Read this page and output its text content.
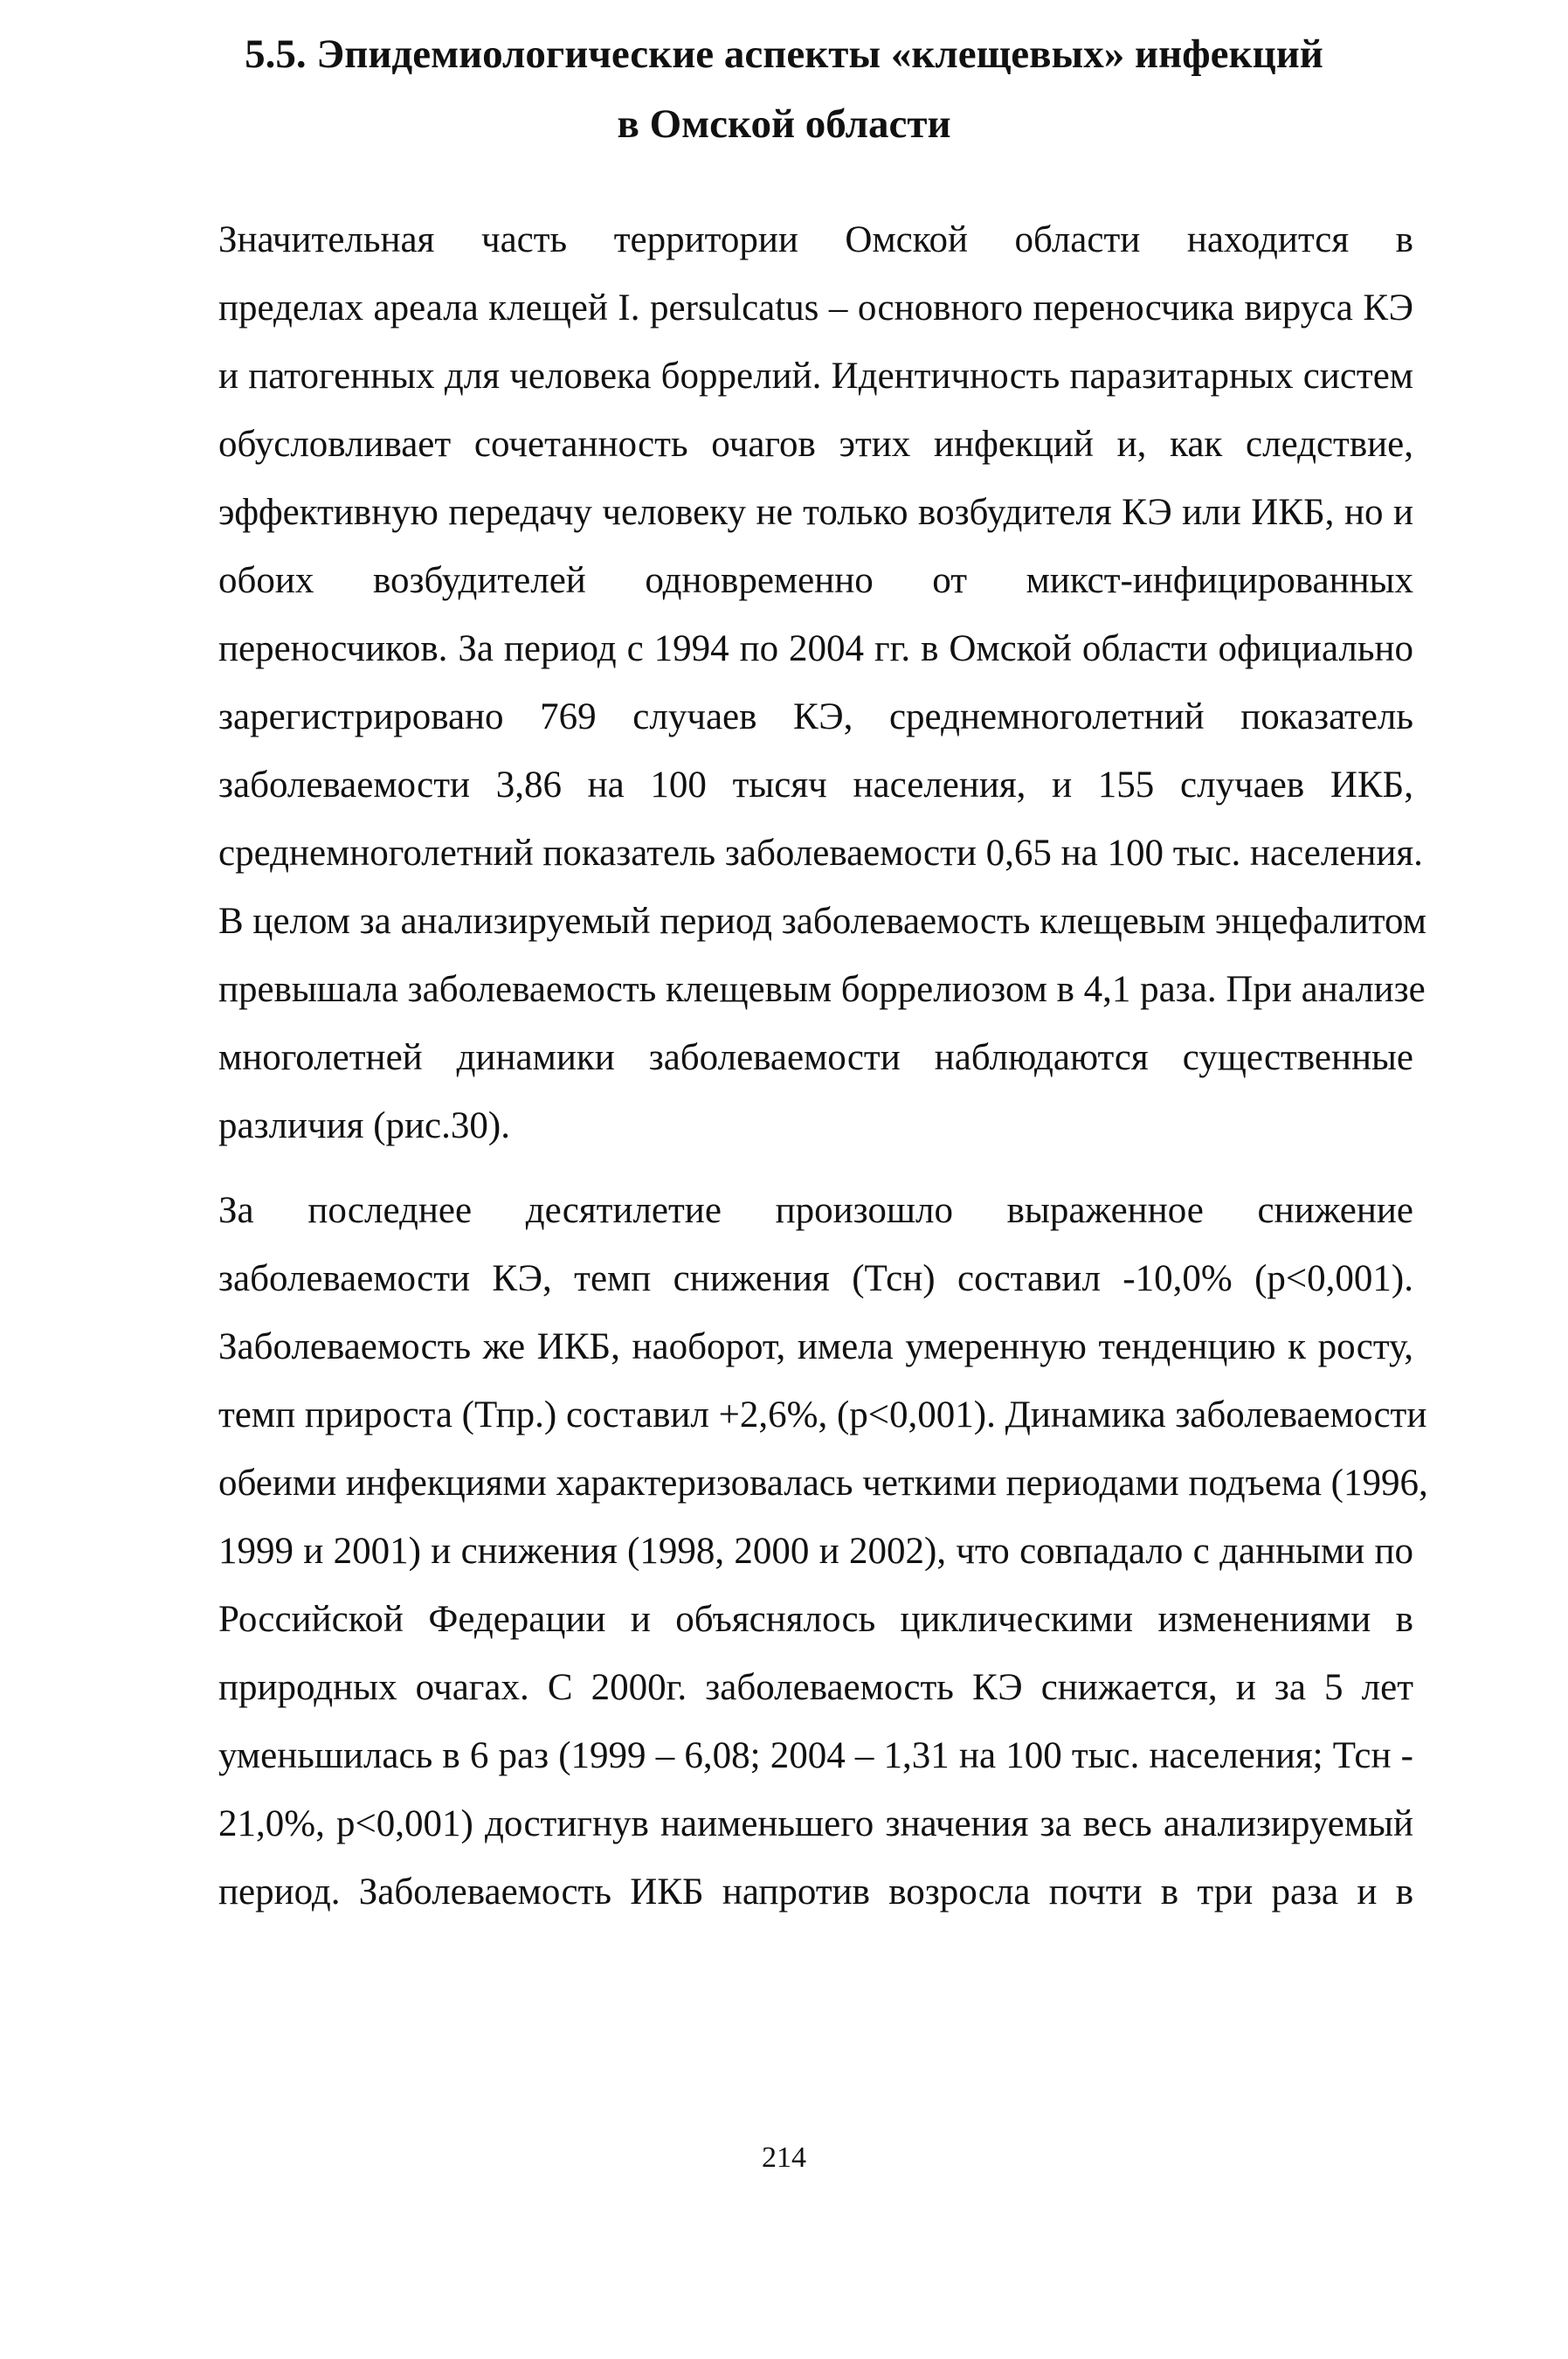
5.5. Эпидемиологические аспекты «клещевых» инфекций
в Омской области
Значительная часть территории Омской области находится в
пределах ареала клещей I. persulcatus – основного переносчика вируса КЭ
и патогенных для человека боррелий. Идентичность паразитарных систем
обусловливает сочетанность очагов этих инфекций и, как следствие,
эффективную передачу человеку не только возбудителя КЭ или ИКБ, но и
обоих возбудителей одновременно от микст-инфицированных
переносчиков. За период с 1994 по 2004 гг. в Омской области официально
зарегистрировано 769 случаев КЭ, среднемноголетний показатель
заболеваемости 3,86 на 100 тысяч населения, и 155 случаев ИКБ,
среднемноголетний показатель заболеваемости 0,65 на 100 тыс. населения.
В целом за анализируемый период заболеваемость клещевым энцефалитом
превышала заболеваемость клещевым боррелиозом в 4,1 раза. При анализе
многолетней динамики заболеваемости наблюдаются существенные
различия (рис.30).
За последнее десятилетие произошло выраженное снижение
заболеваемости КЭ, темп снижения (Тсн) составил -10,0% (р<0,001).
Заболеваемость же ИКБ, наоборот, имела умеренную тенденцию к росту,
темп прироста (Тпр.) составил +2,6%, (р<0,001). Динамика заболеваемости
обеими инфекциями характеризовалась четкими периодами подъема (1996,
1999 и 2001) и снижения (1998, 2000 и 2002), что совпадало с данными по
Российской Федерации и объяснялось циклическими изменениями в
природных очагах. С 2000г. заболеваемость КЭ снижается, и за 5 лет
уменьшилась в 6 раз (1999 – 6,08; 2004 – 1,31 на 100 тыс. населения; Тсн -
21,0%, р<0,001) достигнув наименьшего значения за весь анализируемый
период. Заболеваемость ИКБ напротив возросла почти в три раза и в
214
